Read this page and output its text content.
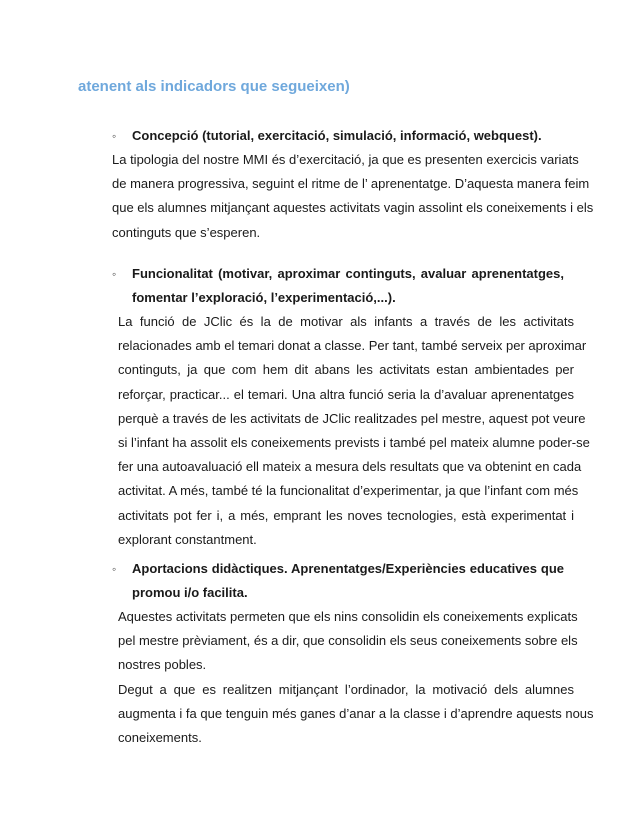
atenent als indicadors que segueixen)
◦	Concepció (tutorial, exercitació, simulació, informació, webquest).
La tipologia del nostre MMI és d’exercitació, ja que es presenten exercicis variats
de manera progressiva, seguint el ritme de l’ aprenentatge. D’aquesta manera feim
que els alumnes mitjançant aquestes activitats vagin assolint els coneixements i els
continguts que s’esperen.
◦	Funcionalitat (motivar, aproximar continguts, avaluar aprenentatges,
fomentar l’exploració, l’experimentació,...).
La funció de JClic és la de motivar als infants a través de les activitats
relacionades amb el temari donat a classe. Per tant, també serveix per aproximar
continguts, ja que com hem dit abans les activitats estan ambientades per
reforçar, practicar... el temari. Una altra funció seria la d’avaluar aprenentatges
perquè a través de les activitats de JClic realitzades pel mestre, aquest pot veure
si l’infant ha assolit els coneixements prevists i també pel mateix alumne poder-se
fer una autoavaluació ell mateix a mesura dels resultats que va obtenint en cada
activitat. A més, també té la funcionalitat d’experimentar, ja que l’infant com més
activitats pot fer i, a més, emprant les noves tecnologies, està experimentat i
explorant constantment.
◦	Aportacions didàctiques. Aprenentatges/Experiències educatives que
promou i/o facilita.
Aquestes activitats permeten que els nins consolidin els coneixements explicats
pel mestre prèviament, és a dir, que consolidin els seus coneixements sobre els
nostres pobles.
Degut a que es realitzen mitjançant l’ordinador, la motivació dels alumnes
augmenta i fa que tenguin més ganes d’anar a la classe i d’aprendre aquests nous
coneixements.
